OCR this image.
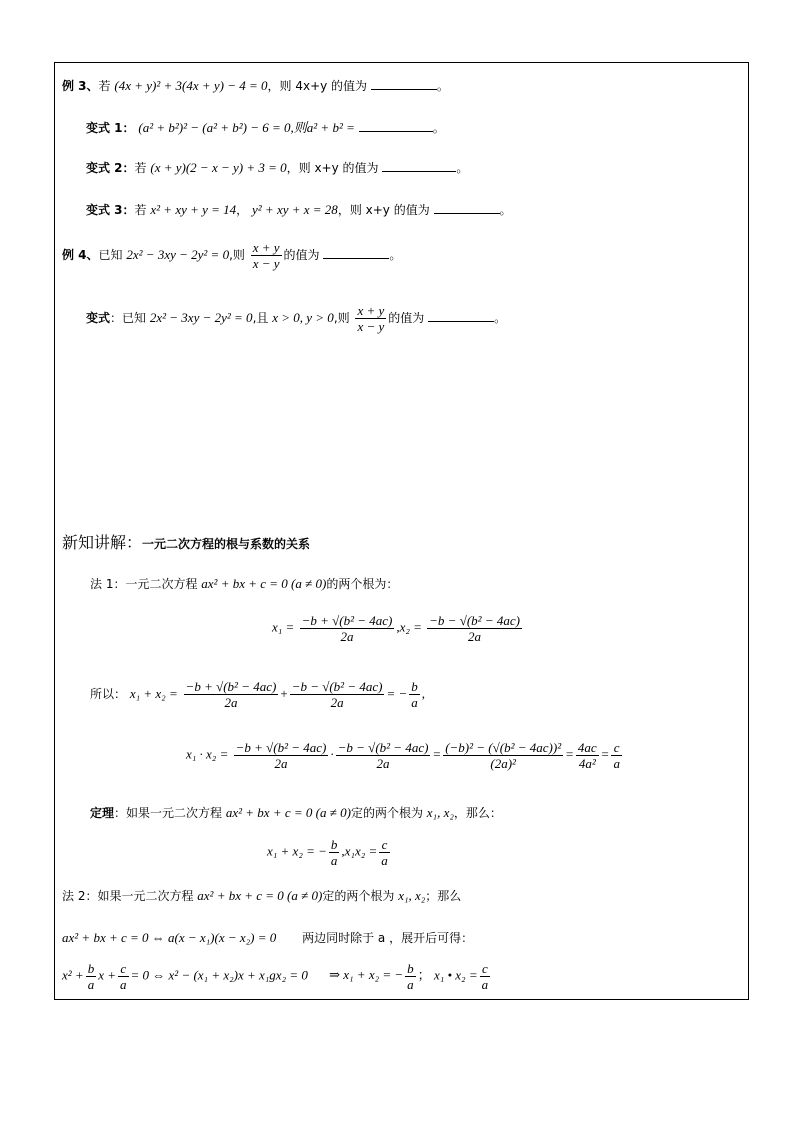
例 3、若 (4x + y)² + 3(4x + y) − 4 = 0，则 4x+y 的值为	。
变式 1： (a² + b²)² − (a² + b²) − 6 = 0,则a² + b² =	。
变式 2：若 (x + y)(2 − x − y) + 3 = 0，则 x+y 的值为	。
变式 3：若 x² + xy + y = 14， y² + xy + x = 28，则 x+y 的值为	。
例 4、已知 2x² − 3xy − 2y² = 0,则 $\frac{x + y}{x - y}$ 的值为	。
变式：已知 2x² − 3xy − 2y² = 0,且 x > 0, y > 0,则 $\frac{x + y}{x - y}$ 的值为	。
新知讲解：一元二次方程的根与系数的关系
法 1：一元二次方程 ax² + bx + c = 0 (a ≠ 0)的两个根为：
$x_1 = \frac{\text{−b + √(b² − 4ac)}}{2a} ,x_2 = \frac{\text{−b − √(b² − 4ac)}}{2a}$
所以： $x_1 + x_2 = \frac{\text{−b + √(b² − 4ac)}}{2a} + \frac{\text{−b − √(b² − 4ac)}}{2a}$ = − $\frac{b}{a}$ ,
$x_1 \cdot x_2 = \frac{\text{−b + √(b² − 4ac)}}{2a} \cdot \frac{\text{−b − √(b² − 4ac)}}{2a} = \frac{\text{(−b)² − (√(b² − 4ac))²}}{\text{(2a)²}} = \frac{4ac}{\text{4a²}} = \frac{c}{a}$
定理：如果一元二次方程 ax² + bx + c = 0 (a ≠ 0)定的两个根为 x₁, x₂，那么：
x₁ + x₂ = − $\frac{b}{a} ,x_1x_2 = \frac{c}{a}$
法 2：如果一元二次方程 ax² + bx + c = 0 (a ≠ 0)定的两个根为 x₁, x₂；那么
ax² + bx + c = 0 ⇔ a(x − x₁)(x − x₂) = 0 两边同时除于 a ，展开后可得：
$x^2 + \frac{b}{a}$ $x + \frac{c}{a} = 0$ ⇔ x² − (x₁ + x₂)x + x₁gx₂ = 0 ⇒ x₁ + x₂ = − $\frac{b}{a}$ ； x₁ • $x_2 = \frac{c}{a}$
